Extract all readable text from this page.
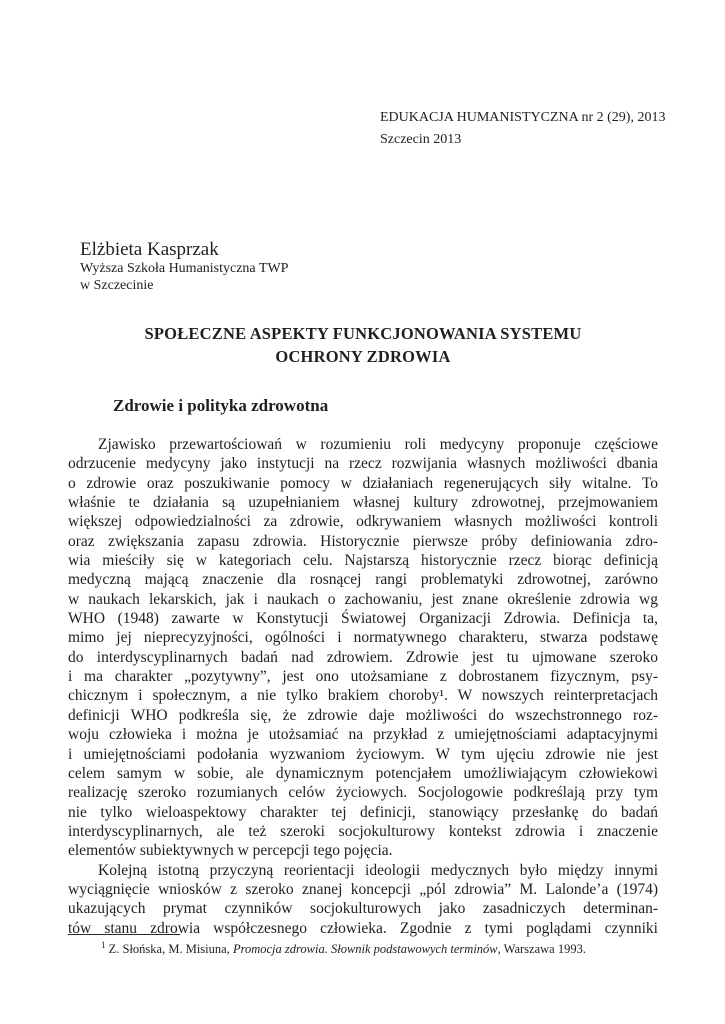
EDUKACJA HUMANISTYCZNA nr 2 (29), 2013
Szczecin 2013
Elżbieta Kasprzak
Wyższa Szkoła Humanistyczna TWP
w Szczecinie
SPOŁECZNE ASPEKTY FUNKCJONOWANIA SYSTEMU
OCHRONY ZDROWIA
Zdrowie i polityka zdrowotna
Zjawisko przewartościowań w rozumieniu roli medycyny proponuje częściowe
odrzucenie medycyny jako instytucji na rzecz rozwijania własnych możliwości dbania
o zdrowie oraz poszukiwanie pomocy w działaniach regenerujących siły witalne. To
właśnie te działania są uzupełnianiem własnej kultury zdrowotnej, przejmowaniem
większej odpowiedzialności za zdrowie, odkrywaniem własnych możliwości kontroli
oraz zwiększania zapasu zdrowia. Historycznie pierwsze próby definiowania zdro-
wia mieściły się w kategoriach celu. Najstarszą historycznie rzecz biorąc definicją
medyczną mającą znaczenie dla rosnącej rangi problematyki zdrowotnej, zarówno
w naukach lekarskich, jak i naukach o zachowaniu, jest znane określenie zdrowia wg
WHO (1948) zawarte w Konstytucji Światowej Organizacji Zdrowia. Definicja ta,
mimo jej nieprecyzyjności, ogólności i normatywnego charakteru, stwarza podstawę
do interdyscyplinarnych badań nad zdrowiem. Zdrowie jest tu ujmowane szeroko
i ma charakter „pozytywny”, jest ono utożsamiane z dobrostanem fizycznym, psy-
chicznym i społecznym, a nie tylko brakiem choroby¹. W nowszych reinterpretacjach
definicji WHO podkreśla się, że zdrowie daje możliwości do wszechstronnego roz-
woju człowieka i można je utożsamiać na przykład z umiejętnościami adaptacyjnymi
i umiejętnościami podołania wyzwaniom życiowym. W tym ujęciu zdrowie nie jest
celem samym w sobie, ale dynamicznym potencjałem umożliwiającym człowiekowi
realizację szeroko rozumianych celów życiowych. Socjologowie podkreślają przy tym
nie tylko wieloaspektowy charakter tej definicji, stanowiący przesłankę do badań
interdyscyplinarnych, ale też szeroki socjokulturowy kontekst zdrowia i znaczenie
elementów subiektywnych w percepcji tego pojęcia.
Kolejną istotną przyczyną reorientacji ideologii medycznych było między innymi
wyciągnięcie wniosków z szeroko znanej koncepcji „pól zdrowia” M. Lalonde’a (1974)
ukazujących prymat czynników socjokulturowych jako zasadniczych determinan-
tów stanu zdrowia współczesnego człowieka. Zgodnie z tymi poglądami czynniki
$^1$ Z. Słońska, M. Misiuna, Promocja zdrowia. Słownik podstawowych terminów, Warszawa 1993.
